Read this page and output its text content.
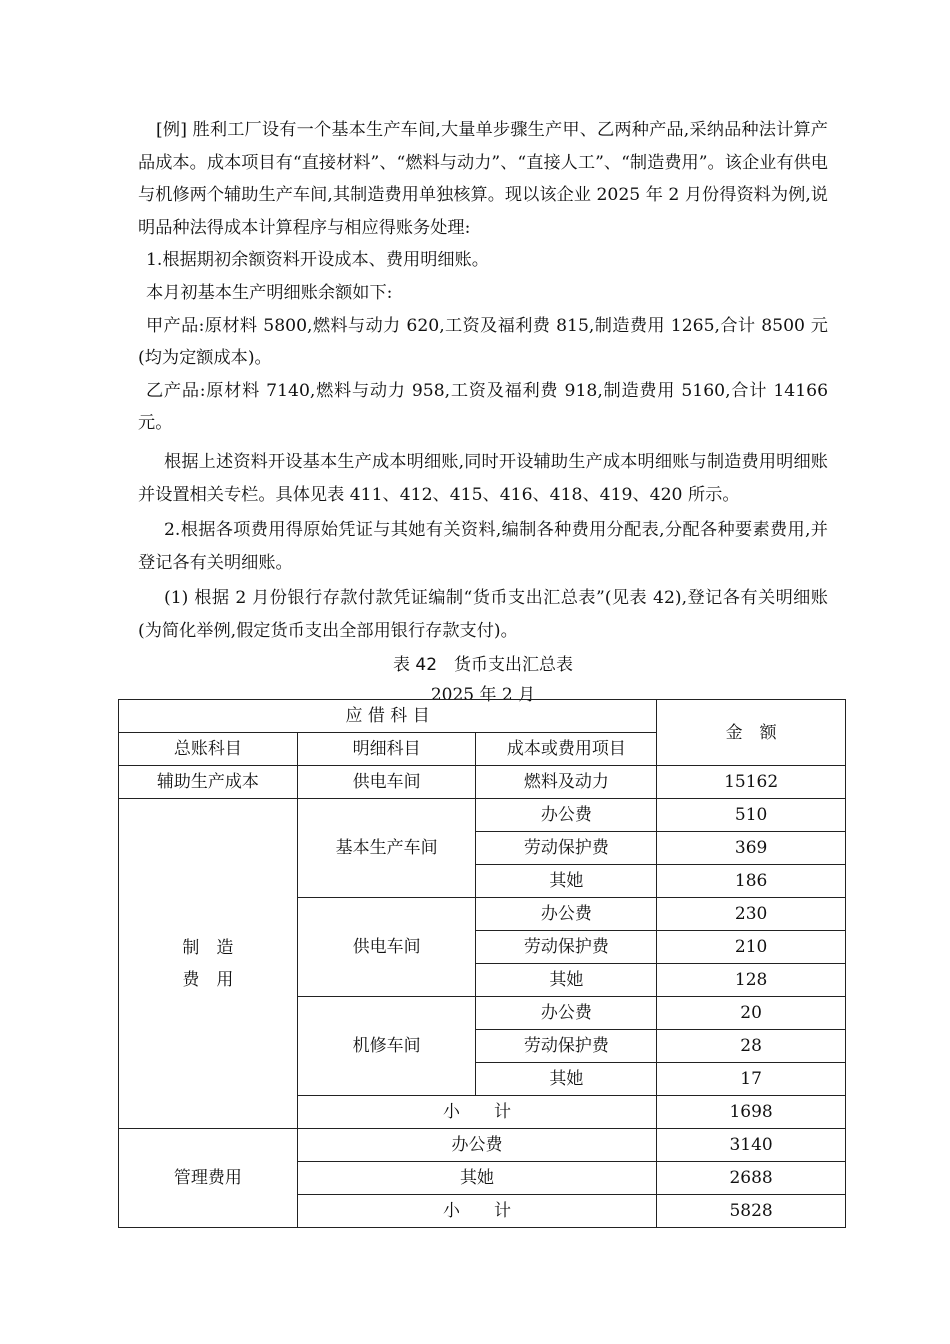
[例] 胜利工厂设有一个基本生产车间,大量单步骤生产甲、乙两种产品,采纳品种法计算产品成本。成本项目有“直接材料”、“燃料与动力”、“直接人工”、“制造费用”。该企业有供电与机修两个辅助生产车间,其制造费用单独核算。现以该企业 2025 年 2 月份得资料为例,说明品种法得成本计算程序与相应得账务处理:

1.根据期初余额资料开设成本、费用明细账。

本月初基本生产明细账余额如下:

甲产品:原材料 5800,燃料与动力 620,工资及福利费 815,制造费用 1265,合计 8500 元(均为定额成本)。

乙产品:原材料 7140,燃料与动力 958,工资及福利费 918,制造费用 5160,合计 14166 元。

根据上述资料开设基本生产成本明细账,同时开设辅助生产成本明细账与制造费用明细账并设置相关专栏。具体见表 411、412、415、416、418、419、420 所示。

2.根据各项费用得原始凭证与其她有关资料,编制各种费用分配表,分配各种要素费用,并登记各有关明细账。

(1) 根据 2 月份银行存款付款凭证编制“货币支出汇总表”(见表 42),登记各有关明细账 (为简化举例,假定货币支出全部用银行存款支付)。

表 42　货币支出汇总表

2025 年 2 月

应 借 科 目			金　额
总账科目	明细科目	成本或费用项目	
辅助生产成本	供电车间	燃料及动力	15162

制　造
费　用	基本生产车间	办公费	510
		劳动保护费	369
		其她	186
	供电车间	办公费	230
		劳动保护费	210
		其她	128
	机修车间	办公费	20
		劳动保护费	28
		其她	17
	小　　计		1698
管理费用	办公费		3140
	其她		2688
	小　　计		5828
